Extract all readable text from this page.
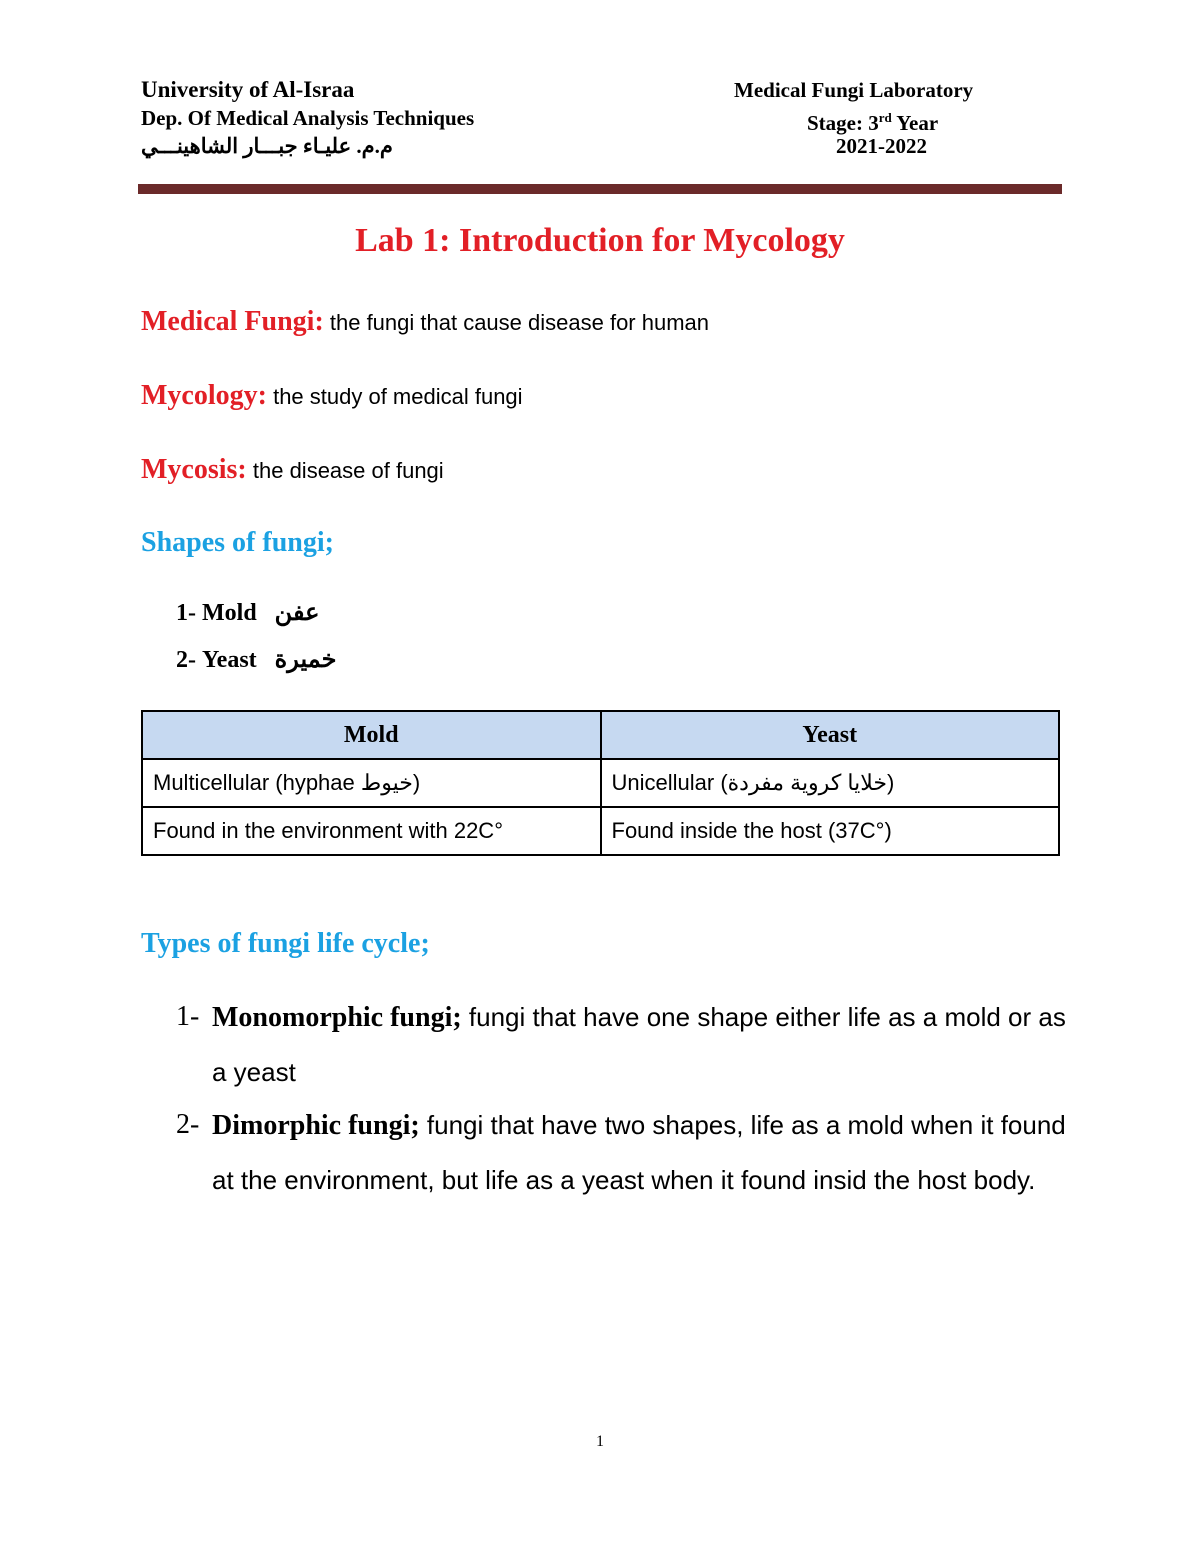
University of Al-Israa
Dep. Of Medical Analysis Techniques
م.م. عليـاء جبـــار الشاهينـــي
Medical Fungi Laboratory
Stage: 3rd Year
2021-2022
Lab 1: Introduction for Mycology
Medical Fungi: the fungi that cause disease for human
Mycology: the study of medical fungi
Mycosis: the disease of fungi
Shapes of fungi;
1- Mold عفن
2- Yeast خميرة
Mold	Yeast
Multicellular (hyphae خيوط)	Unicellular (خلايا كروية مفردة)
Found in the environment with 22C°	Found inside the host (37C°)
Types of fungi life cycle;
1- Monomorphic fungi; fungi that have one shape either life as a mold or as a yeast
2- Dimorphic fungi; fungi that have two shapes, life as a mold when it found at the environment, but life as a yeast when it found insid the host body.
1
